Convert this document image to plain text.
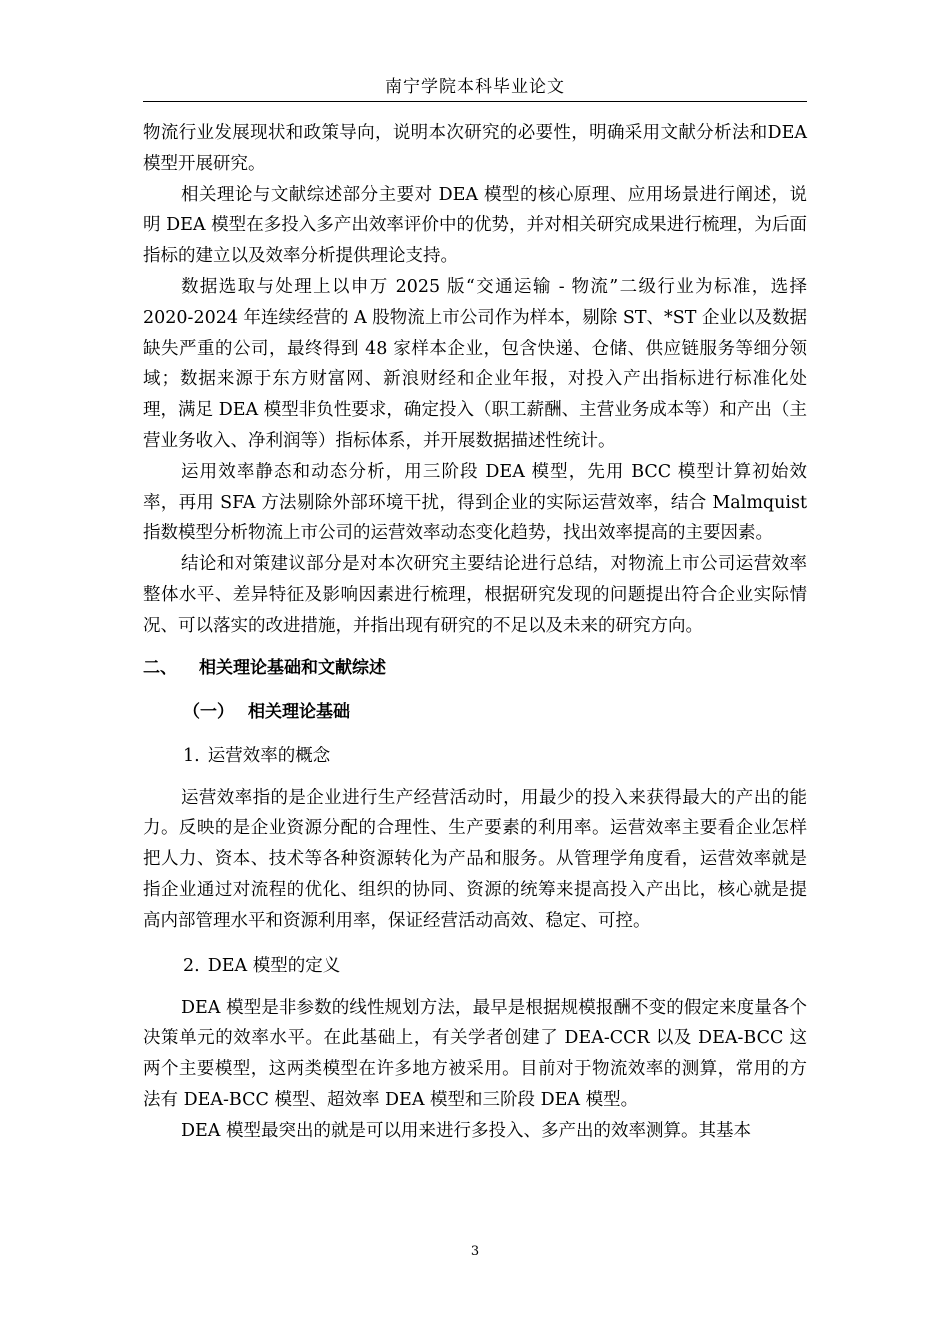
南宁学院本科毕业论文

物流行业发展现状和政策导向，说明本次研究的必要性，明确采用文献分析法和DEA 模型开展研究。

相关理论与文献综述部分主要对 DEA 模型的核心原理、应用场景进行阐述，说明 DEA 模型在多投入多产出效率评价中的优势，并对相关研究成果进行梳理，为后面指标的建立以及效率分析提供理论支持。

数据选取与处理上以申万 2025 版“交通运输 - 物流”二级行业为标准，选择 2020-2024 年连续经营的 A 股物流上市公司作为样本，剔除 ST、*ST 企业以及数据缺失严重的公司，最终得到 48 家样本企业，包含快递、仓储、供应链服务等细分领域；数据来源于东方财富网、新浪财经和企业年报，对投入产出指标进行标准化处理，满足 DEA 模型非负性要求，确定投入（职工薪酬、主营业务成本等）和产出（主营业务收入、净利润等）指标体系，并开展数据描述性统计。

运用效率静态和动态分析，用三阶段 DEA 模型，先用 BCC 模型计算初始效率，再用 SFA 方法剔除外部环境干扰，得到企业的实际运营效率，结合 Malmquist 指数模型分析物流上市公司的运营效率动态变化趋势，找出效率提高的主要因素。

结论和对策建议部分是对本次研究主要结论进行总结，对物流上市公司运营效率整体水平、差异特征及影响因素进行梳理，根据研究发现的问题提出符合企业实际情况、可以落实的改进措施，并指出现有研究的不足以及未来的研究方向。

二、 相关理论基础和文献综述
（一） 相关理论基础
1. 运营效率的概念

运营效率指的是企业进行生产经营活动时，用最少的投入来获得最大的产出的能力。反映的是企业资源分配的合理性、生产要素的利用率。运营效率主要看企业怎样把人力、资本、技术等各种资源转化为产品和服务。从管理学角度看，运营效率就是指企业通过对流程的优化、组织的协同、资源的统筹来提高投入产出比，核心就是提高内部管理水平和资源利用率，保证经营活动高效、稳定、可控。

2. DEA 模型的定义

DEA 模型是非参数的线性规划方法，最早是根据规模报酬不变的假定来度量各个决策单元的效率水平。在此基础上，有关学者创建了 DEA-CCR 以及 DEA-BCC 这两个主要模型，这两类模型在许多地方被采用。目前对于物流效率的测算，常用的方法有 DEA-BCC 模型、超效率 DEA 模型和三阶段 DEA 模型。

DEA 模型最突出的就是可以用来进行多投入、多产出的效率测算。其基本

3
